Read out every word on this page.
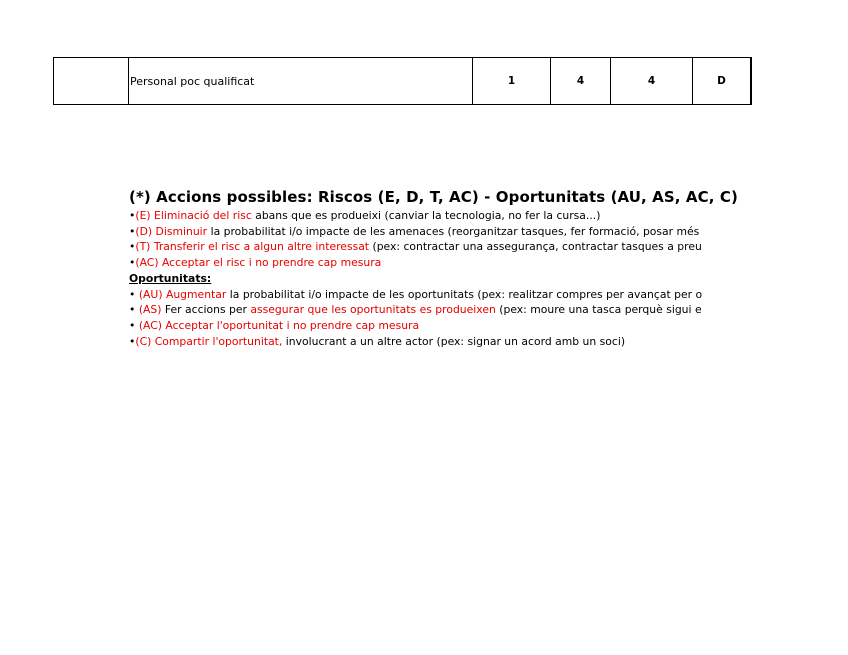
Personal poc qualificat	1	4	4	D
(*) Accions possibles: Riscos (E, D, T, AC) - Oportunitats (AU, AS, AC, C)
•(E) Eliminació del risc abans que es produeixi (canviar la tecnologia, no fer la cursa...)
•(D) Disminuir la probabilitat i/o impacte de les amenaces (reorganitzar tasques, fer formació, posar més
•(T) Transferir el risc a algun altre interessat (pex: contractar una assegurança, contractar tasques a preu
•(AC) Acceptar el risc i no prendre cap mesura
Oportunitats:
• (AU) Augmentar la probabilitat i/o impacte de les oportunitats (pex: realitzar compres per avançat per o
• (AS) Fer accions per assegurar que les oportunitats es produeixen (pex: moure una tasca perquè sigui e
• (AC) Acceptar l'oportunitat i no prendre cap mesura
•(C) Compartir l'oportunitat, involucrant a un altre actor (pex: signar un acord amb un soci)
